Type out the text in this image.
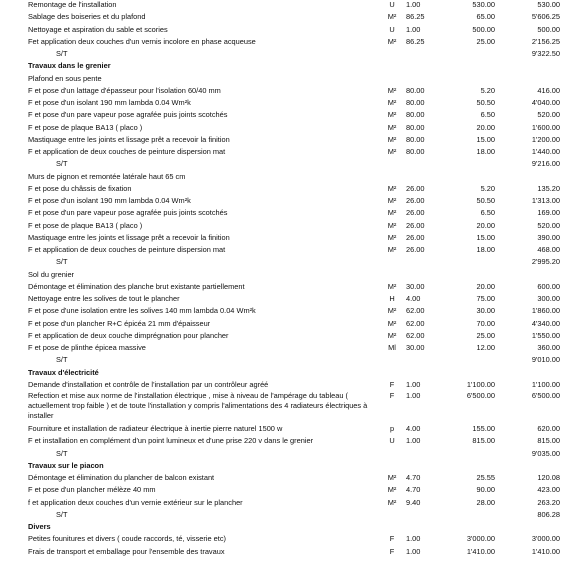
Remontage de l'installation	U	1.00	530.00	530.00
Sablage des boiseries et du plafond	M²	86.25	65.00	5'606.25
Nettoyage et aspiration du sable et scories	U	1.00	500.00	500.00
Fet application deux couches d'un vernis incolore en phase acqueuse	M²	86.25	25.00	2'156.25
S/T	9'322.50
Travaux dans le grenier
Plafond en sous pente
F et pose d'un lattage d'épasseur pour l'isolation 60/40 mm	M²	80.00	5.20	416.00
F et pose d'un isolant 190 mm lambda 0.04 Wm²k	M²	80.00	50.50	4'040.00
F et pose d'un pare vapeur pose agrafée puis joints scotchés	M²	80.00	6.50	520.00
F et pose de plaque BA13 ( placo )	M²	80.00	20.00	1'600.00
Mastiquage entre les joints et lissage prêt a recevoir la finition	M²	80.00	15.00	1'200.00
F et application de deux couches de peinture dispersion mat	M²	80.00	18.00	1'440.00
S/T	9'216.00
Murs de pignon et remontée latérale haut 65 cm
F et pose du châssis de fixation	M²	26.00	5.20	135.20
F et pose d'un isolant 190 mm lambda 0.04 Wm²k	M²	26.00	50.50	1'313.00
F et pose d'un pare vapeur pose agrafée puis joints scotchés	M²	26.00	6.50	169.00
F et pose de plaque BA13 ( placo )	M²	26.00	20.00	520.00
Mastiquage entre les joints et lissage prêt a recevoir la finition	M²	26.00	15.00	390.00
F et application de deux couches de peinture dispersion mat	M²	26.00	18.00	468.00
S/T	2'995.20
Sol du grenier
Démontage et élimination des planche brut existante partiellement	M²	30.00	20.00	600.00
Nettoyage entre les solives de tout le plancher	H	4.00	75.00	300.00
F et pose d'une isolation entre les solives 140 mm lambda 0.04 Wm²k	M²	62.00	30.00	1'860.00
F et pose d'un plancher R+C épicéa 21 mm d'épaisseur	M²	62.00	70.00	4'340.00
F et application de deux couche dimprégnation pour plancher	M²	62.00	25.00	1'550.00
F et pose de plinthe épicea massive	Ml	30.00	12.00	360.00
S/T	9'010.00
Travaux d'électricité
Demande d'installation et contrôle de l'installation par un contrôleur agréé	F	1.00	1'100.00	1'100.00
Refection et mise aux norme de l'installation électrique , mise à niveau de l'ampérage du tableau ( actuellement trop faible ) et de toute l'installation y compris l'alimentations des 4 radiateurs électriques à installer
F	1.00	6'500.00	6'500.00
Fourniture et installation de radiateur électrique à inertie pierre naturel 1500 w	p	4.00	155.00	620.00
F et installation en complément d'un point lumineux et d'une prise 220 v dans le grenier	U	1.00	815.00	815.00
S/T	9'035.00
Travaux sur le piacon
Démontage et élimination du plancher de balcon existant	M²	4.70	25.55	120.08
F et pose d'un plancher mélèze 40 mm	M²	4.70	90.00	423.00
f et application deux couches d'un vernie extérieur sur le plancher	M²	9.40	28.00	263.20
S/T	806.28
Divers
Petites founitures et divers ( coude raccords, té, visserie etc)	F	1.00	3'000.00	3'000.00
Frais de transport et emballage pour l'ensemble des travaux	F	1.00	1'410.00	1'410.00
